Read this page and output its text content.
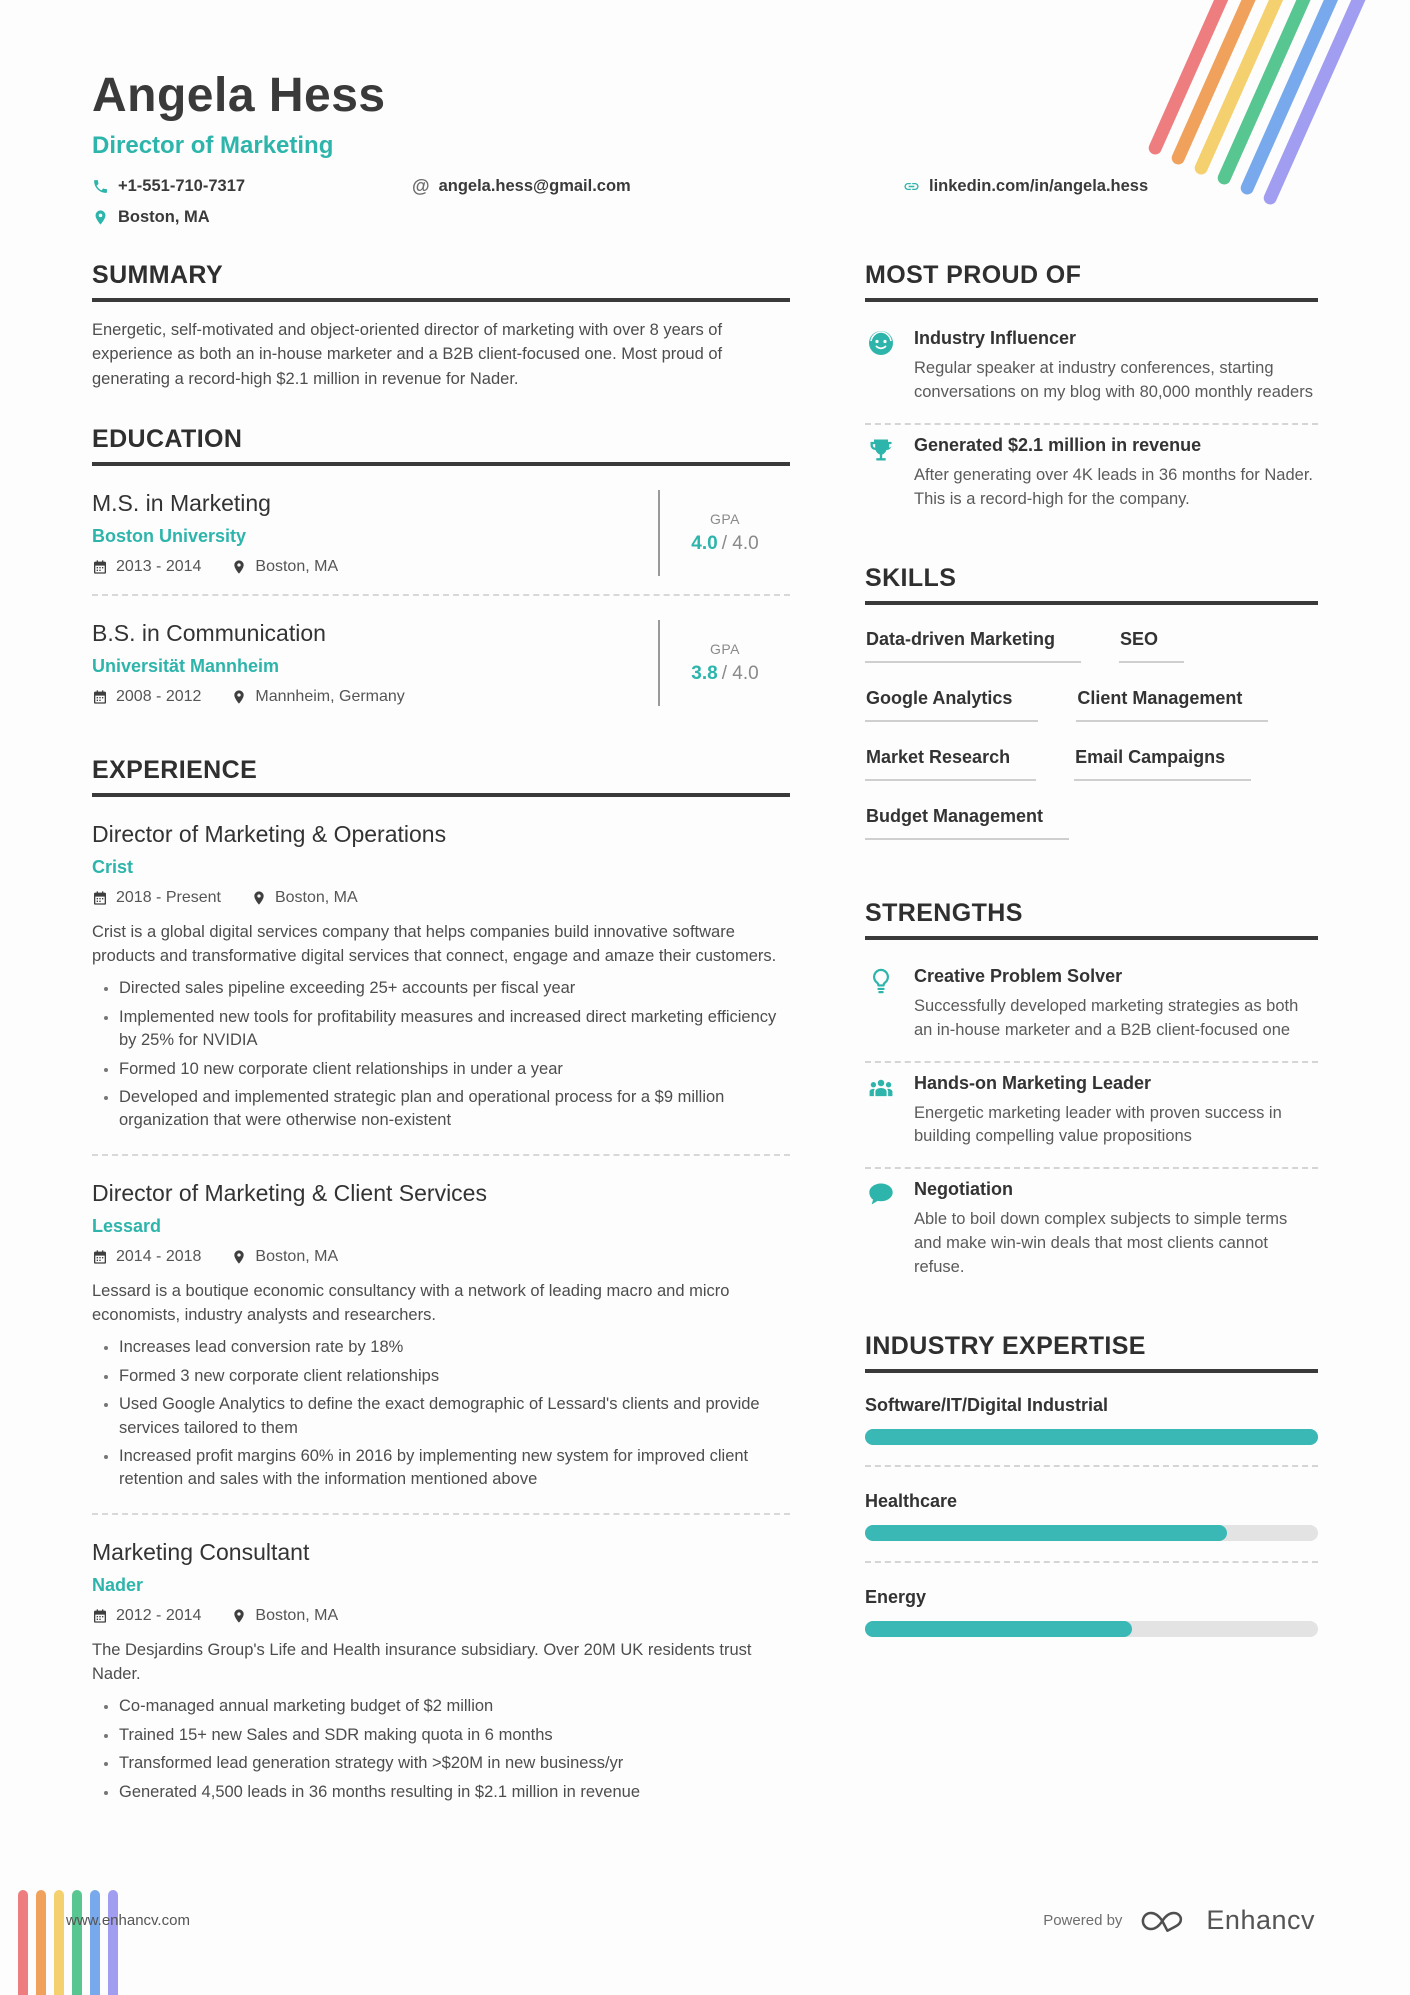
Angela Hess
Director of Marketing
+1-551-710-7317	@ angela.hess@gmail.com	linkedin.com/in/angela.hess
Boston, MA
SUMMARY

Energetic, self-motivated and object-oriented director of marketing with over 8 years of experience as both an in-house marketer and a B2B client-focused one. Most proud of generating a record-high $2.1 million in revenue for Nader.

EDUCATION
M.S. in Marketing
Boston University
2013 - 2014	Boston, MA
GPA
4.0 / 4.0
B.S. in Communication
Universität Mannheim
2008 - 2012	Mannheim, Germany
GPA
3.8 / 4.0
EXPERIENCE
Director of Marketing & Operations
Crist
2018 - Present	Boston, MA

Crist is a global digital services company that helps companies build innovative software products and transformative digital services that connect, engage and amaze their customers.

• Directed sales pipeline exceeding 25+ accounts per fiscal year
• Implemented new tools for profitability measures and increased direct marketing efficiency by 25% for NVIDIA
• Formed 10 new corporate client relationships in under a year
• Developed and implemented strategic plan and operational process for a $9 million organization that were otherwise non-existent
Director of Marketing & Client Services
Lessard
2014 - 2018	Boston, MA

Lessard is a boutique economic consultancy with a network of leading macro and micro economists, industry analysts and researchers.

• Increases lead conversion rate by 18%
• Formed 3 new corporate client relationships
• Used Google Analytics to define the exact demographic of Lessard's clients and provide services tailored to them
• Increased profit margins 60% in 2016 by implementing new system for improved client retention and sales with the information mentioned above
Marketing Consultant
Nader
2012 - 2014	Boston, MA

The Desjardins Group's Life and Health insurance subsidiary. Over 20M UK residents trust Nader.

• Co-managed annual marketing budget of $2 million
• Trained 15+ new Sales and SDR making quota in 6 months
• Transformed lead generation strategy with >$20M in new business/yr
• Generated 4,500 leads in 36 months resulting in $2.1 million in revenue
MOST PROUD OF
Industry Influencer
Regular speaker at industry conferences, starting conversations on my blog with 80,000 monthly readers
Generated $2.1 million in revenue
After generating over 4K leads in 36 months for Nader. This is a record-high for the company.
SKILLS
Data-driven Marketing	SEO
Google Analytics	Client Management
Market Research	Email Campaigns
Budget Management
STRENGTHS
Creative Problem Solver
Successfully developed marketing strategies as both an in-house marketer and a B2B client-focused one
Hands-on Marketing Leader
Energetic marketing leader with proven success in building compelling value propositions
Negotiation
Able to boil down complex subjects to simple terms and make win-win deals that most clients cannot refuse.
INDUSTRY EXPERTISE
Software/IT/Digital Industrial
Healthcare
Energy
www.enhancv.com	Powered by	Enhancv
